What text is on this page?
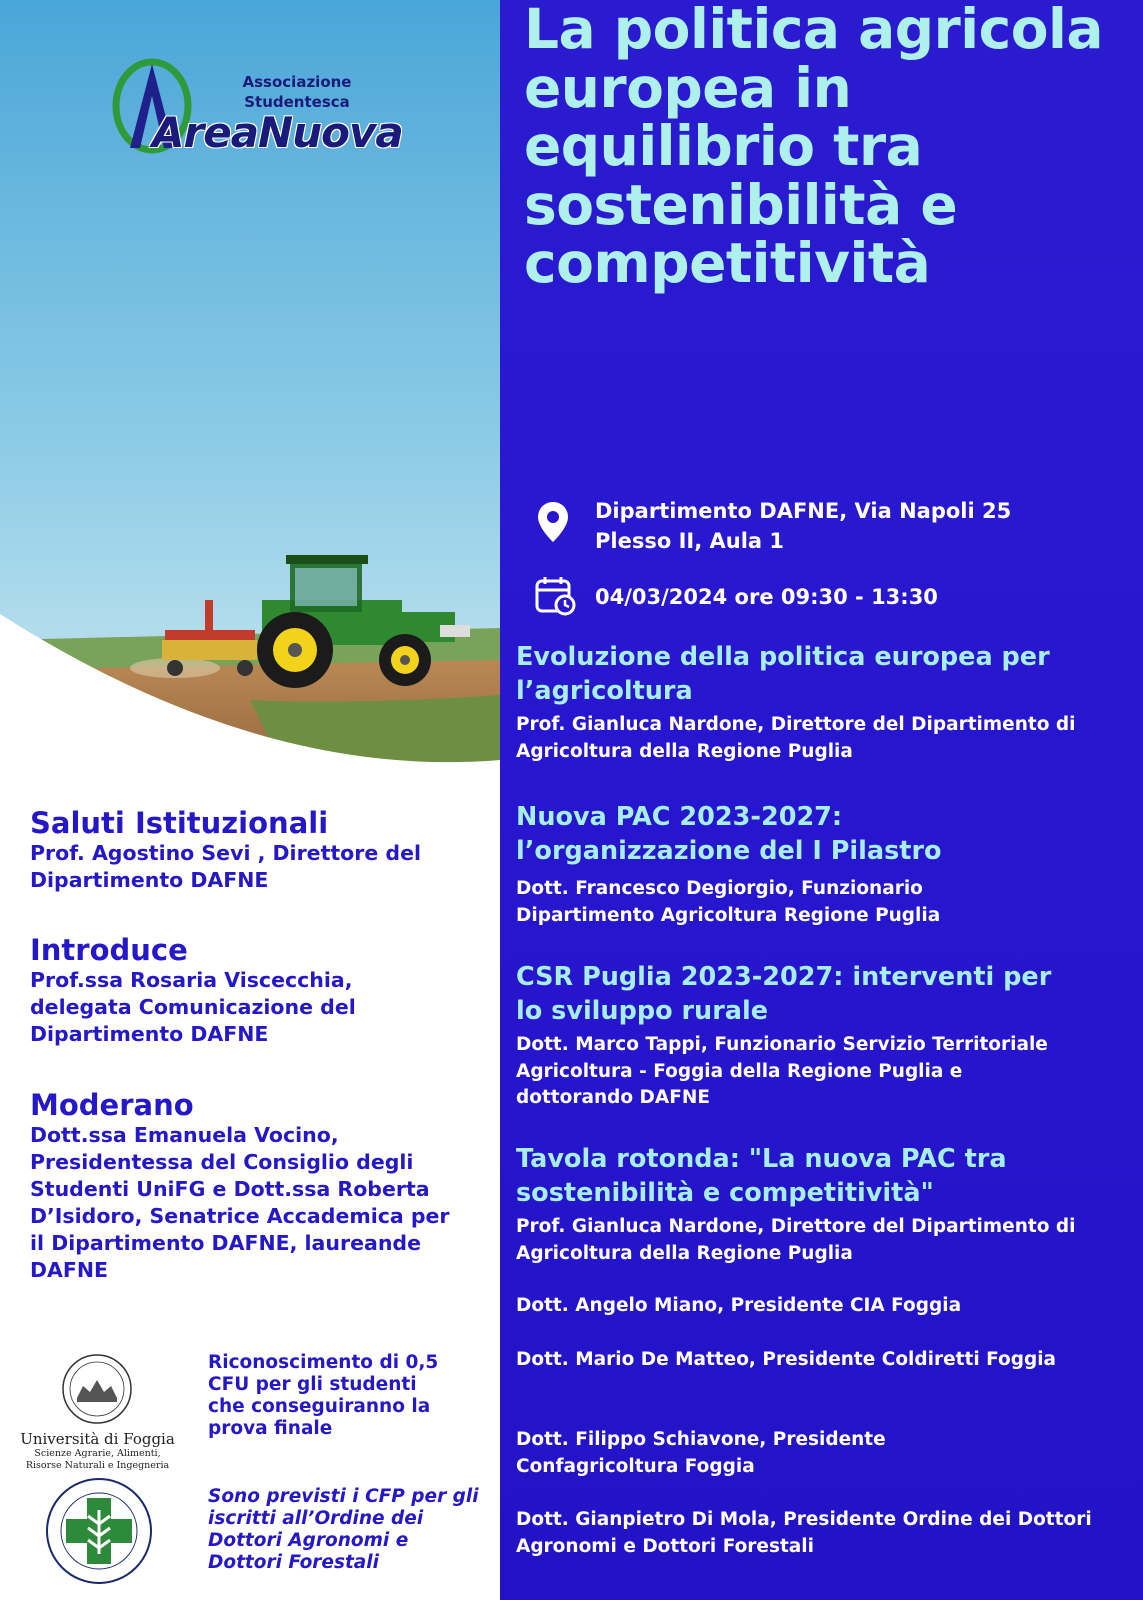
Associazione
Studentesca
AreaNuova

Saluti Istituzionali

Prof. Agostino Sevi , Direttore del Dipartimento DAFNE

Introduce

Prof.ssa Rosaria Viscecchia, delegata Comunicazione del Dipartimento DAFNE

Moderano

Dott.ssa Emanuela Vocino, Presidentessa del Consiglio degli Studenti UniFG e Dott.ssa Roberta D’Isidoro, Senatrice Accademica per il Dipartimento DAFNE, laureande DAFNE

Università di Foggia
Scienze Agrarie, Alimenti,
Risorse Naturali e Ingegneria
Riconoscimento di 0,5 CFU per gli studenti che conseguiranno la prova finale
Sono previsti i CFP per gli iscritti all’Ordine dei Dottori Agronomi e Dottori Forestali
La politica agricola europea in equilibrio tra sostenibilità e competitività
Dipartimento DAFNE, Via Napoli 25
Plesso II, Aula 1
04/03/2024 ore 09:30 - 13:30

Evoluzione della politica europea per l’agricoltura

Prof. Gianluca Nardone, Direttore del Dipartimento di Agricoltura della Regione Puglia

Nuova PAC 2023-2027: l’organizzazione del I Pilastro

Dott. Francesco Degiorgio, Funzionario Dipartimento Agricoltura Regione Puglia

CSR Puglia 2023-2027: interventi per lo sviluppo rurale

Dott. Marco Tappi, Funzionario Servizio Territoriale Agricoltura - Foggia della Regione Puglia e dottorando DAFNE

Tavola rotonda: "La nuova PAC tra sostenibilità e competitività"

Prof. Gianluca Nardone, Direttore del Dipartimento di Agricoltura della Regione Puglia

Dott. Angelo Miano, Presidente CIA Foggia

Dott. Mario De Matteo, Presidente Coldiretti Foggia

Dott. Filippo Schiavone, Presidente Confagricoltura Foggia

Dott. Gianpietro Di Mola, Presidente Ordine dei Dottori Agronomi e Dottori Forestali
